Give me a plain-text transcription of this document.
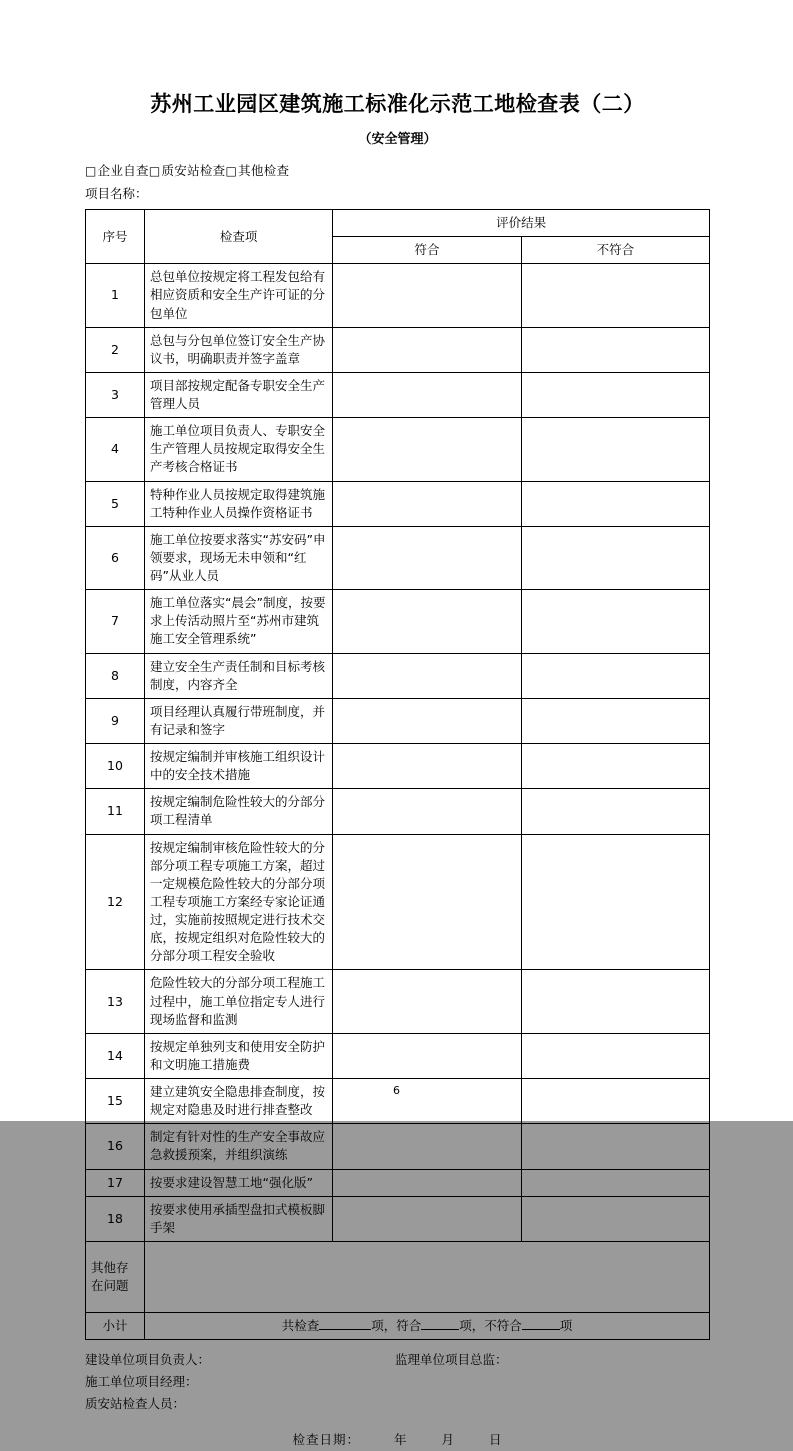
苏州工业园区建筑施工标准化示范工地检查表（二）
（安全管理）
□企业自查□质安站检查□其他检查
项目名称：
序号	检查项	评价结果	
		符合	不符合
1	总包单位按规定将工程发包给有相应资质和安全生产许可证的分包单位		
2	总包与分包单位签订安全生产协议书，明确职责并签字盖章		
3	项目部按规定配备专职安全生产管理人员		
4	施工单位项目负责人、专职安全生产管理人员按规定取得安全生产考核合格证书		
5	特种作业人员按规定取得建筑施工特种作业人员操作资格证书		
6	施工单位按要求落实“苏安码”申领要求，现场无未申领和“红码”从业人员		
7	施工单位落实“晨会”制度，按要求上传活动照片至“苏州市建筑施工安全管理系统”		
8	建立安全生产责任制和目标考核制度，内容齐全		
9	项目经理认真履行带班制度，并有记录和签字		
10	按规定编制并审核施工组织设计中的安全技术措施		
11	按规定编制危险性较大的分部分项工程清单		
12	按规定编制审核危险性较大的分部分项工程专项施工方案，超过一定规模危险性较大的分部分项工程专项施工方案经专家论证通过，实施前按照规定进行技术交底，按规定组织对危险性较大的分部分项工程安全验收		
13	危险性较大的分部分项工程施工过程中，施工单位指定专人进行现场监督和监测		
14	按规定单独列支和使用安全防护和文明施工措施费		
15	建立建筑安全隐患排查制度，按规定对隐患及时进行排查整改		
16	制定有针对性的生产安全事故应急救援预案，并组织演练		
17	按要求建设智慧工地“强化版”		
18	按要求使用承插型盘扣式模板脚手架		
其他存在问题			
小计	共检查 项，符合 项，不符合 项		
建设单位项目负责人：	监理单位项目总监：
施工单位项目经理：
质安站检查人员：
检查日期：	年	月	日
6
